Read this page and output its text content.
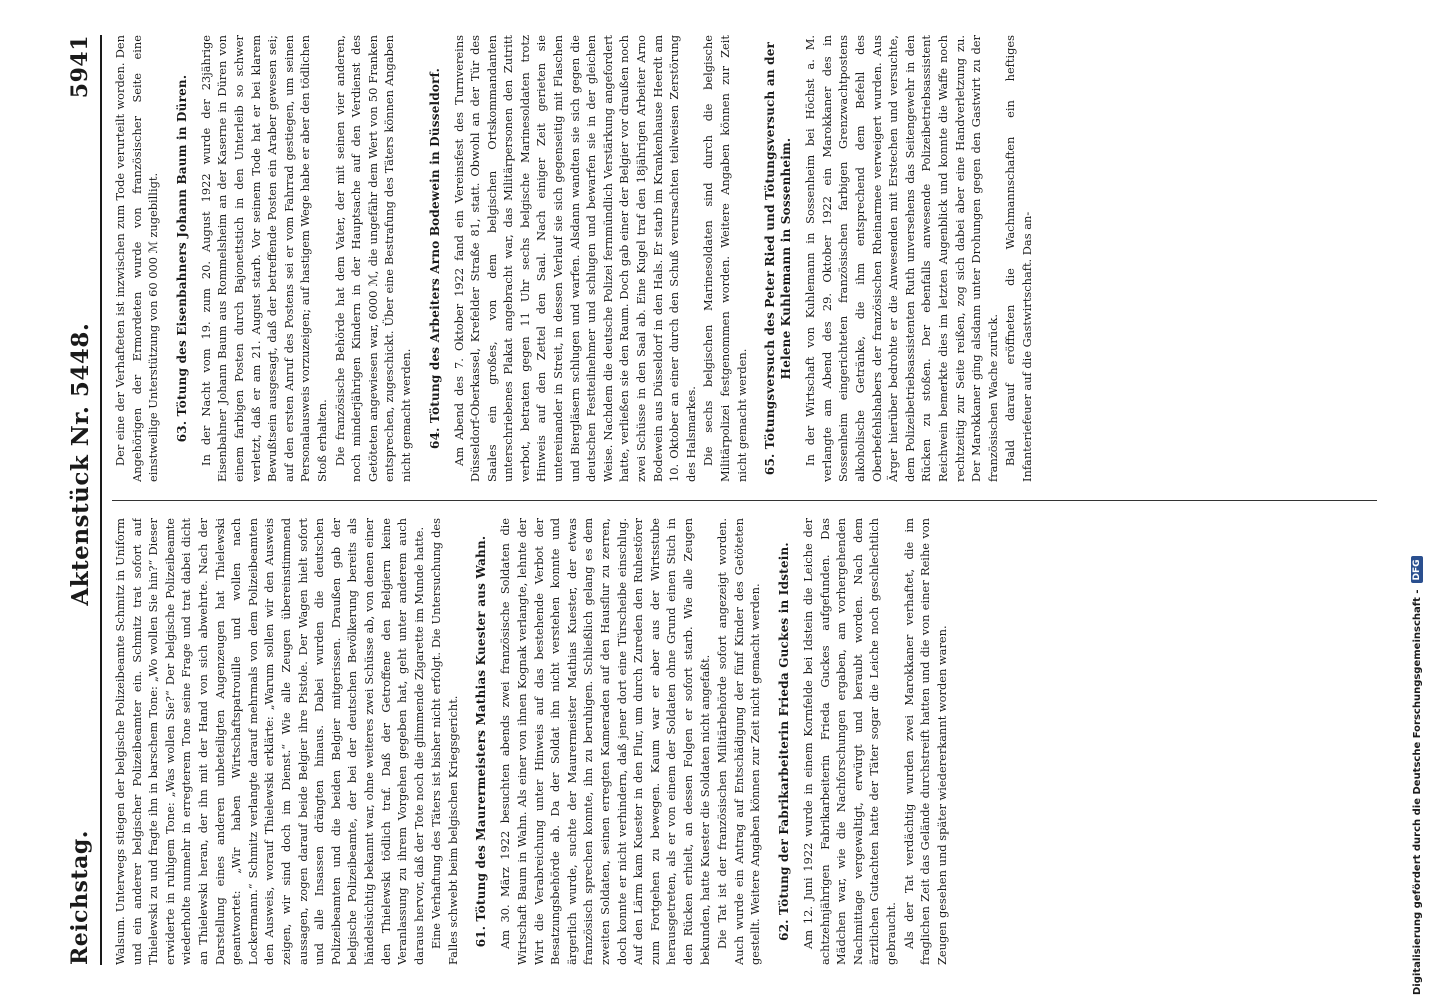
Reichstag.
Aktenstück Nr. 5448.
5941

Walsum. Unterwegs stiegen der belgische Polizeibeamte Schmitz in Uniform und ein anderer belgischer Polizeibeamter ein. Schmitz trat sofort auf Thielewski zu und fragte ihn in barschem Tone: „Wo wollen Sie hin?“ Dieser erwiderte in ruhigem Tone: „Was wollen Sie?“ Der belgische Polizeibeamte wiederholte nunmehr in erregterem Tone seine Frage und trat dabei dicht an Thielewski heran, der ihn mit der Hand von sich abwehrte. Nach der Darstellung eines anderen unbeteiligten Augenzeugen hat Thielewski geantwortet: „Wir haben Wirtschaftspatrouille und wollen nach Lockermann.“ Schmitz verlangte darauf mehrmals von dem Polizeibeamten den Ausweis, worauf Thielewski erklärte: „Warum sollen wir den Ausweis zeigen, wir sind doch im Dienst.“ Wie alle Zeugen übereinstimmend aussagen, zogen darauf beide Belgier ihre Pistole. Der Wagen hielt sofort und alle Insassen drängten hinaus. Dabei wurden die deutschen Polizeibeamten und die beiden Belgier mitgerissen. Draußen gab der belgische Polizeibeamte, der bei der deutschen Bevölkerung bereits als händelsüchtig bekannt war, ohne weiteres zwei Schüsse ab, von denen einer den Thielewski tödlich traf. Daß der Getroffene den Belgiern keine Veranlassung zu ihrem Vorgehen gegeben hat, geht unter anderem auch daraus hervor, daß der Tote noch die glimmende Zigarette im Munde hatte. Eine Verhaftung des Täters ist bisher nicht erfolgt. Die Untersuchung des Falles schwebt beim belgischen Kriegsgericht. 61. Tötung des Maurermeisters Mathias Kuester aus Wahn. Am 30. März 1922 besuchten abends zwei französische Soldaten die Wirtschaft Baum in Wahn. Als einer von ihnen Kognak verlangte, lehnte der Wirt die Verabreichung unter Hinweis auf das bestehende Verbot der Besatzungsbehörde ab. Da der Soldat ihn nicht verstehen konnte und ärgerlich wurde, suchte der Maurermeister Mathias Kuester, der etwas französisch sprechen konnte, ihn zu beruhigen. Schließlich gelang es dem zweiten Soldaten, seinen erregten Kameraden auf den Hausflur zu zerren, doch konnte er nicht verhindern, daß jener dort eine Türscheibe einschlug. Auf den Lärm kam Kuester in den Flur, um durch Zureden den Ruhestörer zum Fortgehen zu bewegen. Kaum war er aber aus der Wirtsstube herausgetreten, als er von einem der Soldaten ohne Grund einen Stich in den Rücken erhielt, an dessen Folgen er sofort starb. Wie alle Zeugen bekunden, hatte Kuester die Soldaten nicht angefaßt. Die Tat ist der französischen Militärbehörde sofort angezeigt worden. Auch wurde ein Antrag auf Entschädigung der fünf Kinder des Getöteten gestellt. Weitere Angaben können zur Zeit nicht gemacht werden. 62. Tötung der Fabrikarbeiterin Frieda Guckes in Idstein. Am 12. Juni 1922 wurde in einem Kornfelde bei Idstein die Leiche der achtzehnjährigen Fabrikarbeiterin Frieda Guckes aufgefunden. Das Mädchen war, wie die Nachforschungen ergaben, am vorhergehenden Nachmittage vergewaltigt, erwürgt und beraubt worden. Nach dem ärztlichen Gutachten hatte der Täter sogar die Leiche noch geschlechtlich gebraucht. Als der Tat verdächtig wurden zwei Marokkaner verhaftet, die im fraglichen Zeit das Gelände durchstreift hatten und die von einer Reihe von Zeugen gesehen und später wiedererkannt worden waren.

Der eine der Verhafteten ist inzwischen zum Tode verurteilt worden. Den Angehörigen der Ermordeten wurde von französischer Seite eine einstweilige Unterstützung von 60 000 ℳ zugebilligt. 63. Tötung des Eisenbahners Johann Baum in Düren. In der Nacht vom 19. zum 20. August 1922 wurde der 23jährige Eisenbahner Johann Baum aus Rommelsheim an der Kaserne in Düren von einem farbigen Posten durch Bajonettstich in den Unterleib so schwer verletzt, daß er am 21. August starb. Vor seinem Tode hat er bei klarem Bewußtsein ausgesagt, daß der betreffende Posten ein Araber gewesen sei; auf den ersten Anruf des Postens sei er vom Fahrrad gestiegen, um seinen Personalausweis vorzuzeigen; auf hastigem Wege habe er aber den tödlichen Stoß erhalten. Die französische Behörde hat dem Vater, der mit seinen vier anderen, noch minderjährigen Kindern in der Hauptsache auf den Verdienst des Getöteten angewiesen war, 6000 ℳ, die ungefähr dem Wert von 50 Franken entsprechen, zugeschickt. Über eine Bestrafung des Täters können Angaben nicht gemacht werden. 64. Tötung des Arbeiters Arno Bodewein in Düsseldorf. Am Abend des 7. Oktober 1922 fand ein Vereinsfest des Turnvereins Düsseldorf-Oberkassel, Krefelder Straße 81, statt. Obwohl an der Tür des Saales ein großes, von dem belgischen Ortskommandanten unterschriebenes Plakat angebracht war, das Militärpersonen den Zutritt verbot, betraten gegen 11 Uhr sechs belgische Marinesoldaten trotz Hinweis auf den Zettel den Saal. Nach einiger Zeit gerieten sie untereinander in Streit, in dessen Verlauf sie sich gegenseitig mit Flaschen und Biergläsern schlugen und warfen. Alsdann wandten sie sich gegen die deutschen Festteilnehmer und schlugen und bewarfen sie in der gleichen Weise. Nachdem die deutsche Polizei fernmündlich Verstärkung angefordert hatte, verließen sie den Raum. Doch gab einer der Belgier vor draußen noch zwei Schüsse in den Saal ab. Eine Kugel traf den 18jährigen Arbeiter Arno Bodewein aus Düsseldorf in den Hals. Er starb im Krankenhause Heerdt am 10. Oktober an einer durch den Schuß verursachten teilweisen Zerstörung des Halsmarkes. Die sechs belgischen Marinesoldaten sind durch die belgische Militärpolizei festgenommen worden. Weitere Angaben können zur Zeit nicht gemacht werden. 65. Tötungsversuch des Peter Ried und Tötungsversuch an der Helene Kuhlemann in Sossenheim. In der Wirtschaft von Kuhlemann in Sossenheim bei Höchst a. M. verlangte am Abend des 29. Oktober 1922 ein Marokkaner des in Sossenheim eingerichteten französischen farbigen Grenzwachtpostens alkoholische Getränke, die ihm entsprechend dem Befehl des Oberbefehlshabers der französischen Rheinarmee verweigert wurden. Aus Ärger hierüber bedrohte er die Anwesenden mit Erstechen und versuchte, dem Polizeibetriebsassistenten Ruth unversehens das Seitengewehr in den Rücken zu stoßen. Der ebenfalls anwesende Polizeibetriebsassistent Reichwein bemerkte dies im letzten Augenblick und konnte die Waffe noch rechtzeitig zur Seite reißen, zog sich dabei aber eine Handverletzung zu. Der Marokkaner ging alsdann unter Drohungen gegen den Gastwirt zu der französischen Wache zurück. Bald darauf eröffneten die Wachmannschaften ein heftiges Infanteriefeuer auf die Gastwirtschaft. Das an-

Digitalisierung gefördert durch die Deutsche Forschungsgemeinschaft -
DFG
